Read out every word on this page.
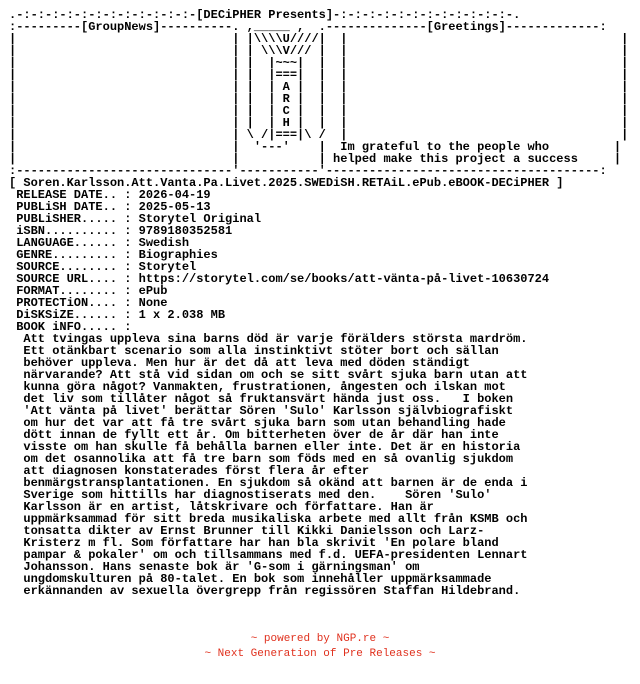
.-:-:-:-:-:-:-:-:-:-:-:-:-[DECiPHER Presents]-:-:-:-:-:-:-:-:-:-:-:-:-.
:---------[GroupNews]----------. ,_____ ,  .--------------[Greetings]-------------:
|                              | |\\\\U////|  |                                      |
|                              | | \\\V/// |  |                                      |
|                              | |  |~~~|  |  |                                      |
|                              | |  |===|  |  |                                      |
|                              | |  | A |  |  |                                      |
|                              | |  | R |  |  |                                      |
|                              | |  | C |  |  |                                      |
|                              | |  | H |  |  |                                      |
|                              | \ /|===|\ /  |                                      |
|                              |  '---'    |  Im grateful to the people who         |
|                              |           | helped make this project a success     |
:------------------------------'-----------'--------------------------------------:
[ Soren.Karlsson.Att.Vanta.Pa.Livet.2025.SWEDiSH.RETAiL.ePub.eBOOK-DECiPHER ]
RELEASE DATE.. : 2026-04-19
PUBLiSH DATE.. : 2025-05-13
PUBLiSHER..... : Storytel Original
iSBN.......... : 9789180352581
LANGUAGE...... : Swedish
GENRE......... : Biographies
SOURCE........ : Storytel
SOURCE URL.... : https://storytel.com/se/books/att-vänta-på-livet-10630724
FORMAT........ : ePub
PROTECTiON.... : None
DiSKSiZE...... : 1 x 2.038 MB
BOOK iNFO..... :
Att tvingas uppleva sina barns död är varje förälders största mardröm.
Ett otänkbart scenario som alla instinktivt stöter bort och sällan
behöver uppleva. Men hur är det då att leva med döden ständigt
närvarande? Att stå vid sidan om och se sitt svårt sjuka barn utan att
kunna göra något? Vanmakten, frustrationen, ångesten och ilskan mot
det liv som tillåter något så fruktansvärt hända just oss.   I boken
'Att vänta på livet' berättar Sören 'Sulo' Karlsson självbiografiskt
om hur det var att få tre svårt sjuka barn som utan behandling hade
dött innan de fyllt ett år. Om bitterheten över de år där han inte
visste om han skulle få behålla barnen eller inte. Det är en historia
om det osannolika att få tre barn som föds med en så ovanlig sjukdom
att diagnosen konstaterades först flera år efter
benmärgstransplantationen. En sjukdom så okänd att barnen är de enda i
Sverige som hittills har diagnostiserats med den.    Sören 'Sulo'
Karlsson är en artist, låtskrivare och författare. Han är
uppmärksammad för sitt breda musikaliska arbete med allt från KSMB och
tonsatta dikter av Ernst Brunner till Kikki Danielsson och Larz-
Kristerz m fl. Som författare har han bla skrivit 'En polare bland
pampar & pokaler' om och tillsammans med f.d. UEFA-presidenten Lennart
Johansson. Hans senaste bok är 'G-som i gärningsman' om
ungdomskulturen på 80-talet. En bok som innehåller uppmärksammade
erkännanden av sexuella övergrepp från regissören Staffan Hildebrand.
~ powered by NGP.re ~
~ Next Generation of Pre Releases ~
